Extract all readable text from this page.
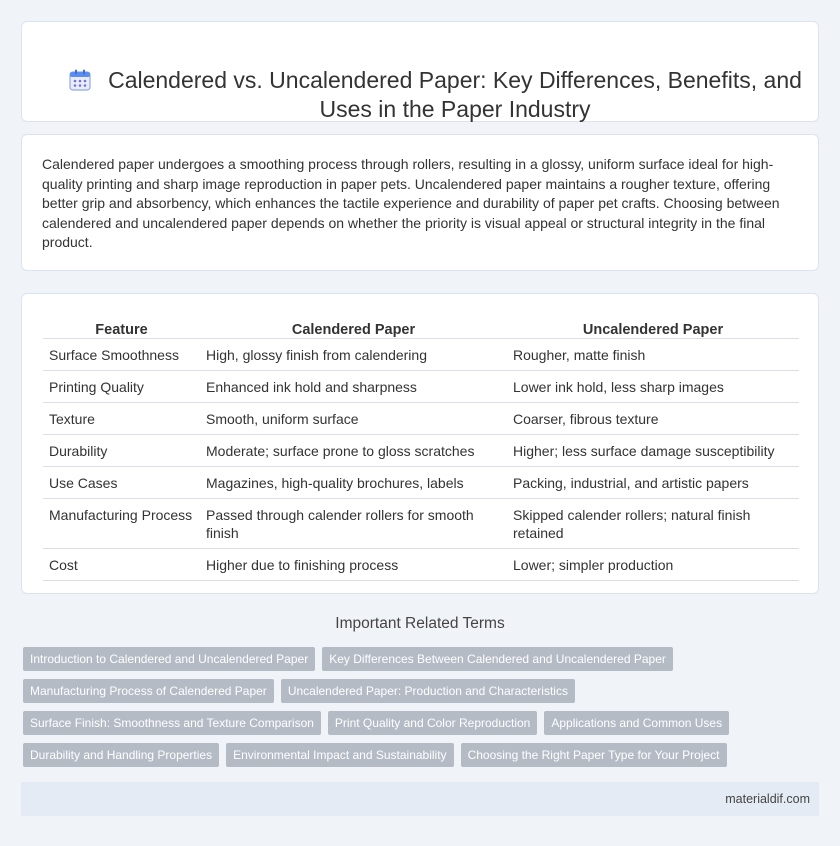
Calendered vs. Uncalendered Paper: Key Differences, Benefits, and Uses in the Paper Industry

Calendered paper undergoes a smoothing process through rollers, resulting in a glossy, uniform surface ideal for high-quality printing and sharp image reproduction in paper pets. Uncalendered paper maintains a rougher texture, offering better grip and absorbency, which enhances the tactile experience and durability of paper pet crafts. Choosing between calendered and uncalendered paper depends on whether the priority is visual appeal or structural integrity in the final product.

Feature	Calendered Paper	Uncalendered Paper
Surface Smoothness	High, glossy finish from calendering	Rougher, matte finish
Printing Quality	Enhanced ink hold and sharpness	Lower ink hold, less sharp images
Texture	Smooth, uniform surface	Coarser, fibrous texture
Durability	Moderate; surface prone to gloss scratches	Higher; less surface damage susceptibility
Use Cases	Magazines, high-quality brochures, labels	Packing, industrial, and artistic papers
Manufacturing Process	Passed through calender rollers for smooth finish	Skipped calender rollers; natural finish retained
Cost	Higher due to finishing process	Lower; simpler production
Important Related Terms
Introduction to Calendered and Uncalendered Paper	Key Differences Between Calendered and Uncalendered Paper
Manufacturing Process of Calendered Paper	Uncalendered Paper: Production and Characteristics
Surface Finish: Smoothness and Texture Comparison	Print Quality and Color Reproduction	Applications and Common Uses
Durability and Handling Properties	Environmental Impact and Sustainability	Choosing the Right Paper Type for Your Project
materialdif.com
